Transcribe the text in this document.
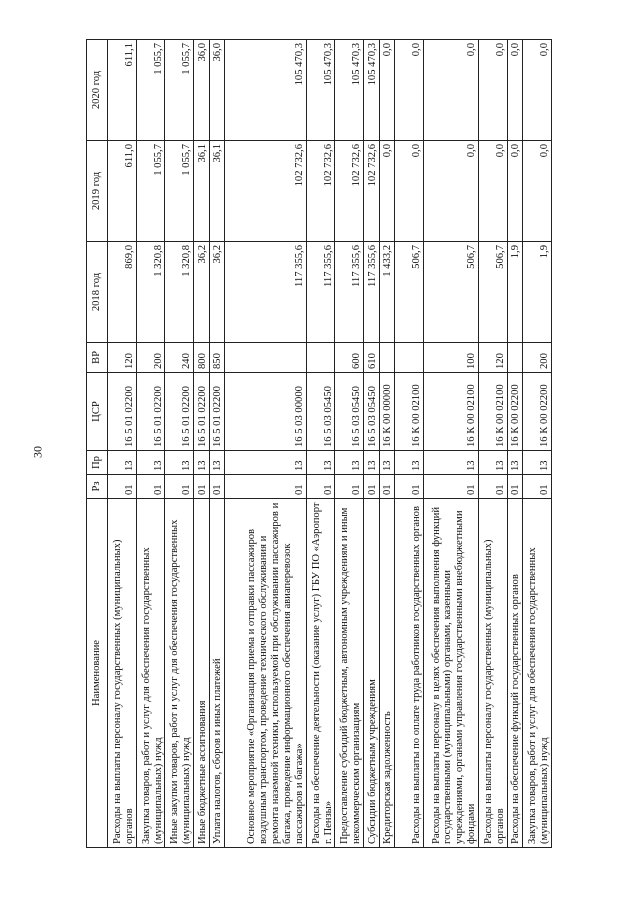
30
Наименование	Рз	Пр	ЦСР	ВР	2018 год	2019 год	2020 год
Расходы на выплаты персоналу государственных (муниципальных) органов	01	13	16 5 01 02200	120	869,0	611,0	611,1
Закупка товаров, работ и услуг для обеспечения государственных (муниципальных) нужд	01	13	16 5 01 02200	200	1 320,8	1 055,7	1 055,7
Иные закупки товаров, работ и услуг для обеспечения государственных (муниципальных) нужд	01	13	16 5 01 02200	240	1 320,8	1 055,7	1 055,7
Иные бюджетные ассигнования	01	13	16 5 01 02200	800	36,2	36,1	36,0
Уплата налогов, сборов и иных платежей	01	13	16 5 01 02200	850	36,2	36,1	36,0
Основное мероприятие «Организация приема и отправки пассажиров воздушным транспортом, проведение технического обслуживания и ремонта наземной техники, используемой при обслуживании пассажиров и багажа, проведение информационного обеспечения авиаперевозок пассажиров и багажа»	01	13	16 5 03 00000		117 355,6	102 732,6	105 470,3
Расходы на обеспечение деятельности (оказание услуг) ГБУ ПО «Аэропорт г. Пензы»	01	13	16 5 03 05450		117 355,6	102 732,6	105 470,3
Предоставление субсидий бюджетным, автономным учреждениям и иным некоммерческим организациям	01	13	16 5 03 05450	600	117 355,6	102 732,6	105 470,3
Субсидии бюджетным учреждениям	01	13	16 5 03 05450	610	117 355,6	102 732,6	105 470,3
Кредиторская задолженность	01	13	16 К 00 00000		1 433,2	0,0	0,0
Расходы на выплаты по оплате труда работников государственных органов	01	13	16 К 00 02100		506,7	0,0	0,0
Расходы на выплаты персоналу в целях обеспечения выполнения функций государственными (муниципальными) органами, казенными учреждениями, органами управления государственными внебюджетными фондами	01	13	16 К 00 02100	100	506,7	0,0	0,0
Расходы на выплаты персоналу государственных (муниципальных) органов	01	13	16 К 00 02100	120	506,7	0,0	0,0
Расходы на обеспечение функций государственных органов	01	13	16 К 00 02200		1,9	0,0	0,0
Закупка товаров, работ и услуг для обеспечения государственных (муниципальных) нужд	01	13	16 К 00 02200	200	1,9	0,0	0,0
